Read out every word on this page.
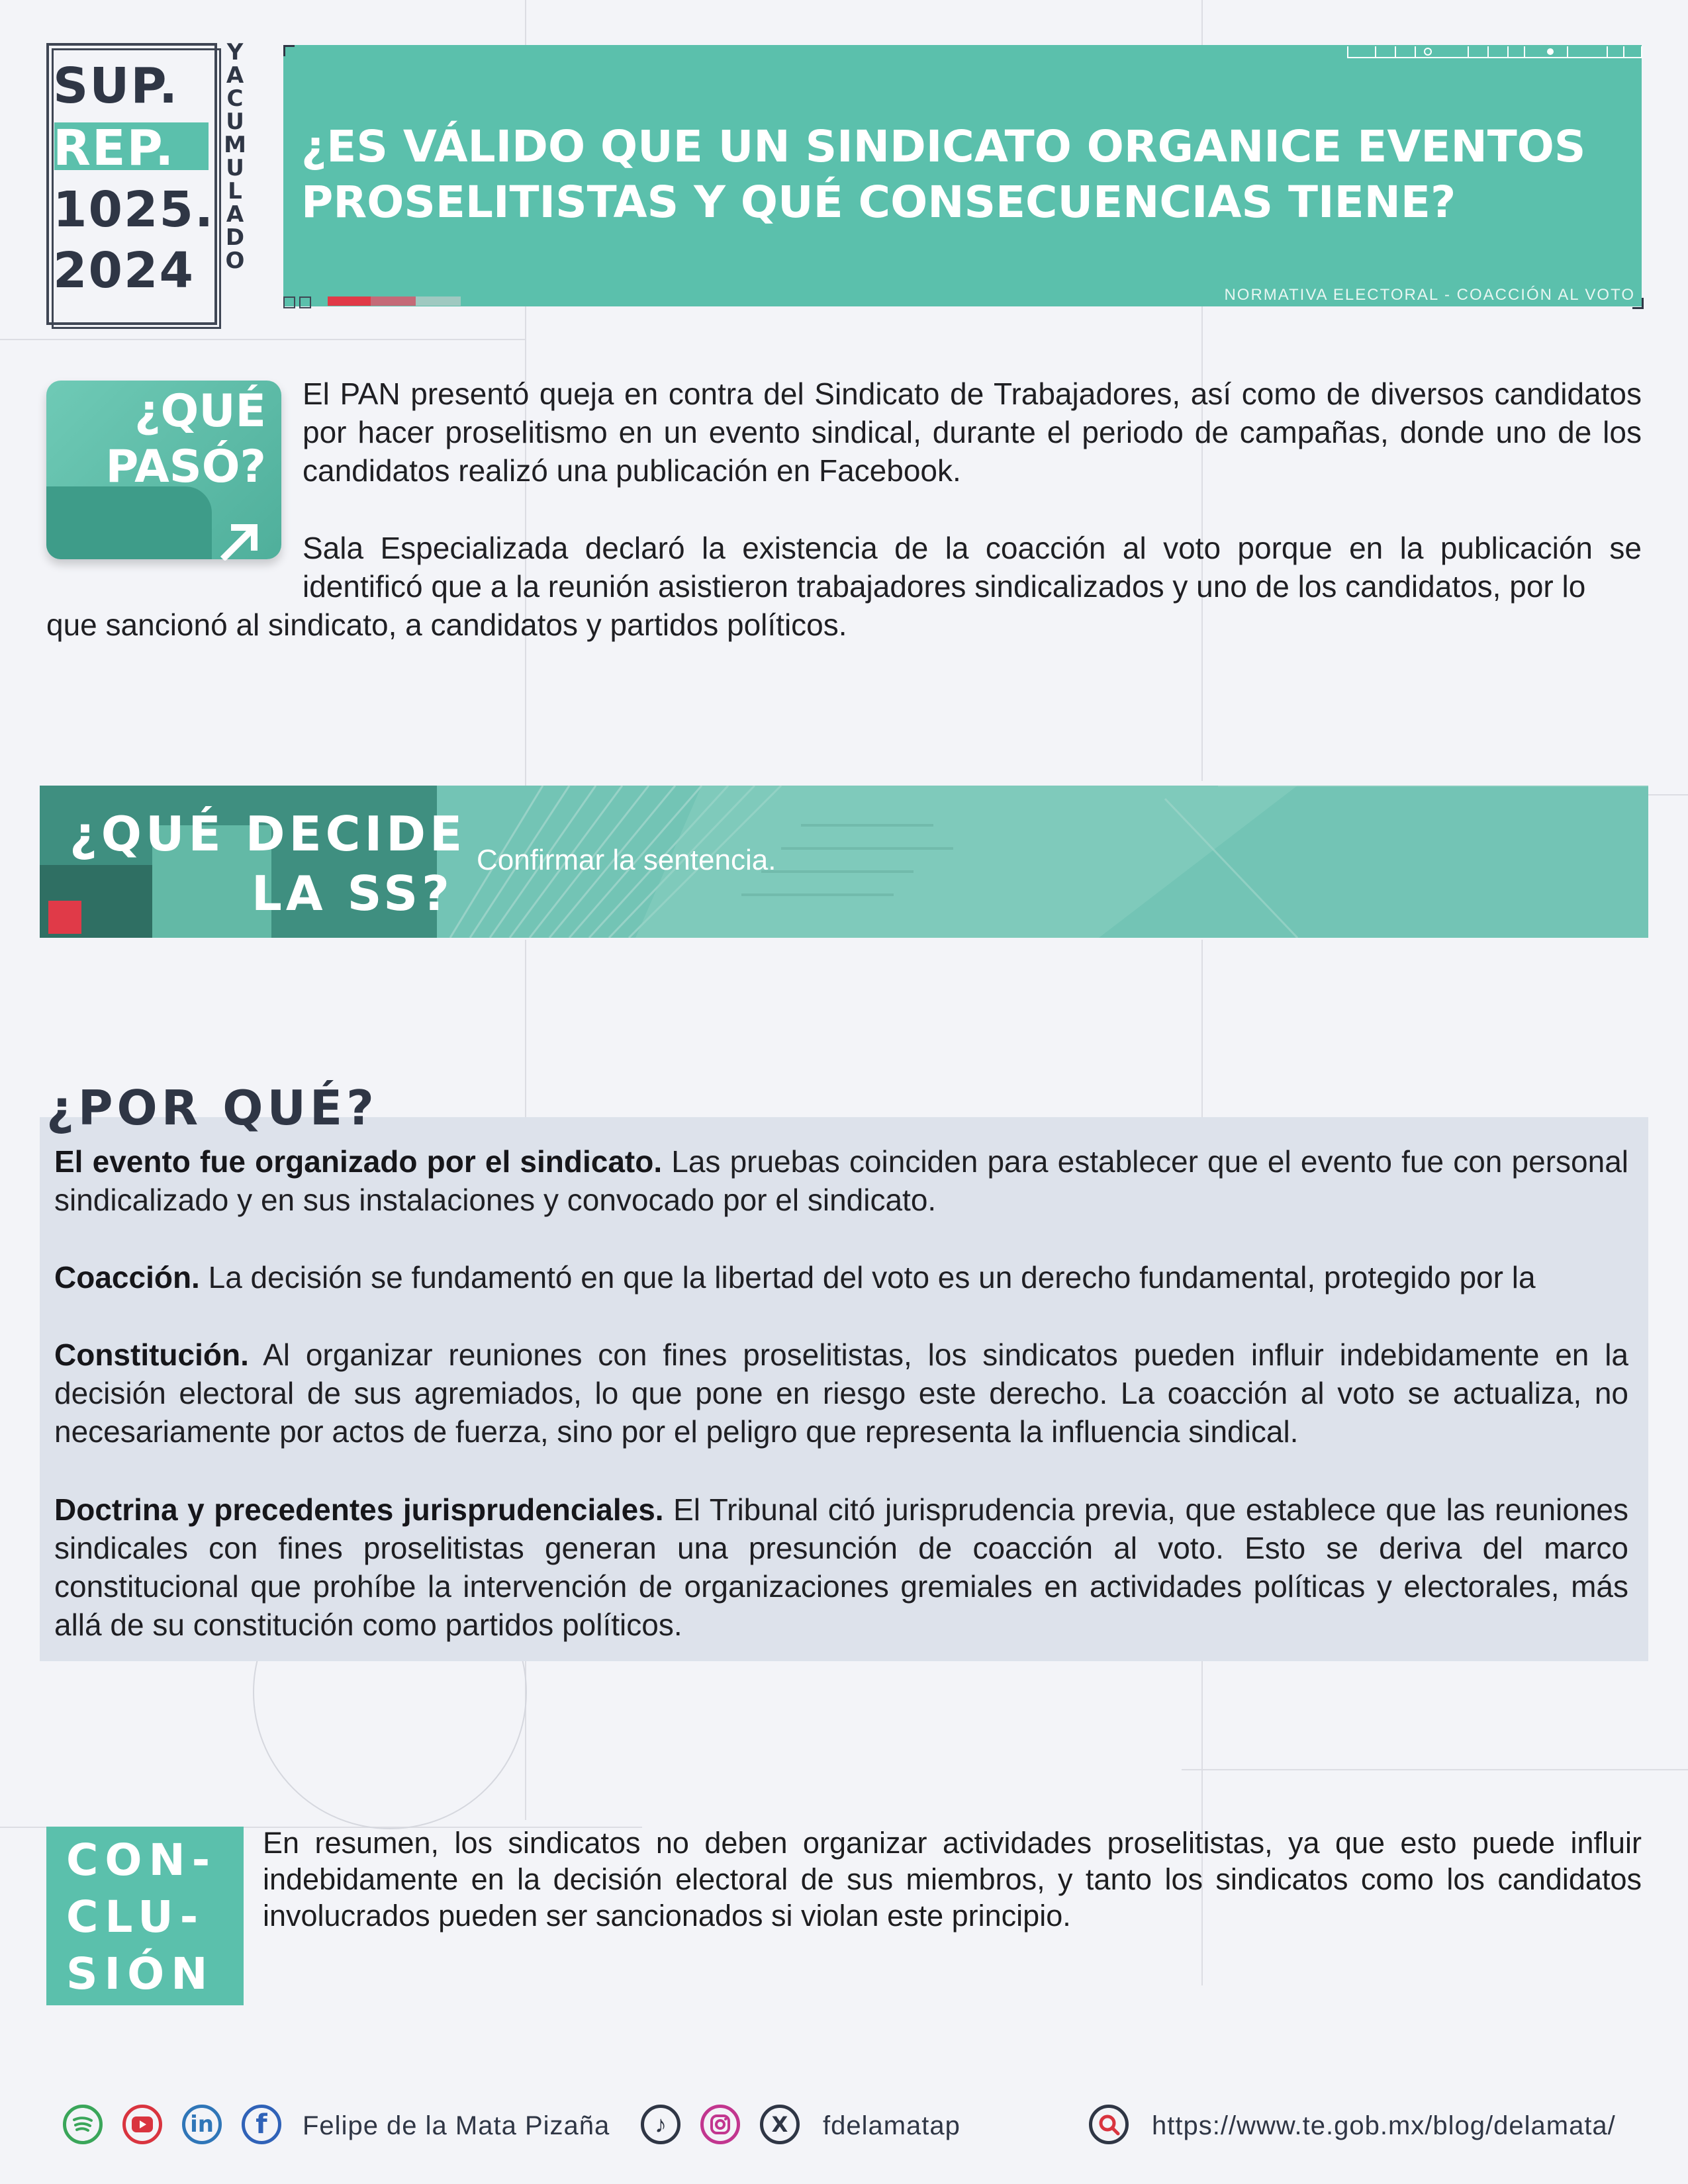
SUP.
REP.
1025.
2024
Y
A
C
U
M
U
L
A
D
O
¿ES VÁLIDO QUE UN SINDICATO ORGANICE EVENTOS
PROSELITISTAS Y QUÉ CONSECUENCIAS TIENE?
NORMATIVA ELECTORAL - COACCIÓN AL VOTO
¿QUÉ
PASÓ?
El PAN presentó queja en contra del Sindicato de Trabajadores, así como de diversos candidatos por hacer proselitismo en un evento sindical, durante el periodo de campañas, donde uno de los candidatos realizó una publicación en Facebook.
Sala Especializada declaró la existencia de la coacción al voto porque en la publicación se identificó que a la reunión asistieron trabajadores sindicalizados y uno de los candidatos, por lo
que sancionó al sindicato, a candidatos y partidos políticos.
¿QUÉ DECIDE
LA SS?
Confirmar la sentencia.
¿POR QUÉ?
El evento fue organizado por el sindicato. Las pruebas coinciden para establecer que el evento fue con personal sindicalizado y en sus instalaciones y convocado por el sindicato.
Coacción. La decisión se fundamentó en que la libertad del voto es un derecho fundamental, protegido por la
Constitución. Al organizar reuniones con fines proselitistas, los sindicatos pueden influir indebidamente en la decisión electoral de sus agremiados, lo que pone en riesgo este derecho. La coacción al voto se actualiza, no necesariamente por actos de fuerza, sino por el peligro que representa la influencia sindical.
Doctrina y precedentes jurisprudenciales. El Tribunal citó jurisprudencia previa, que establece que las reuniones sindicales con fines proselitistas generan una presunción de coacción al voto. Esto se deriva del marco constitucional que prohíbe la intervención de organizaciones gremiales en actividades políticas y electorales, más allá de su constitución como partidos políticos.
CON-
CLU-
SIÓN
En resumen, los sindicatos no deben organizar actividades proselitistas, ya que esto puede influir indebidamente en la decisión electoral de sus miembros, y tanto los sindicatos como los candidatos involucrados pueden ser sancionados si violan este principio.
in f Felipe de la Mata Pizaña ♪	X fdelamatap	https://www.te.gob.mx/blog/delamata/
